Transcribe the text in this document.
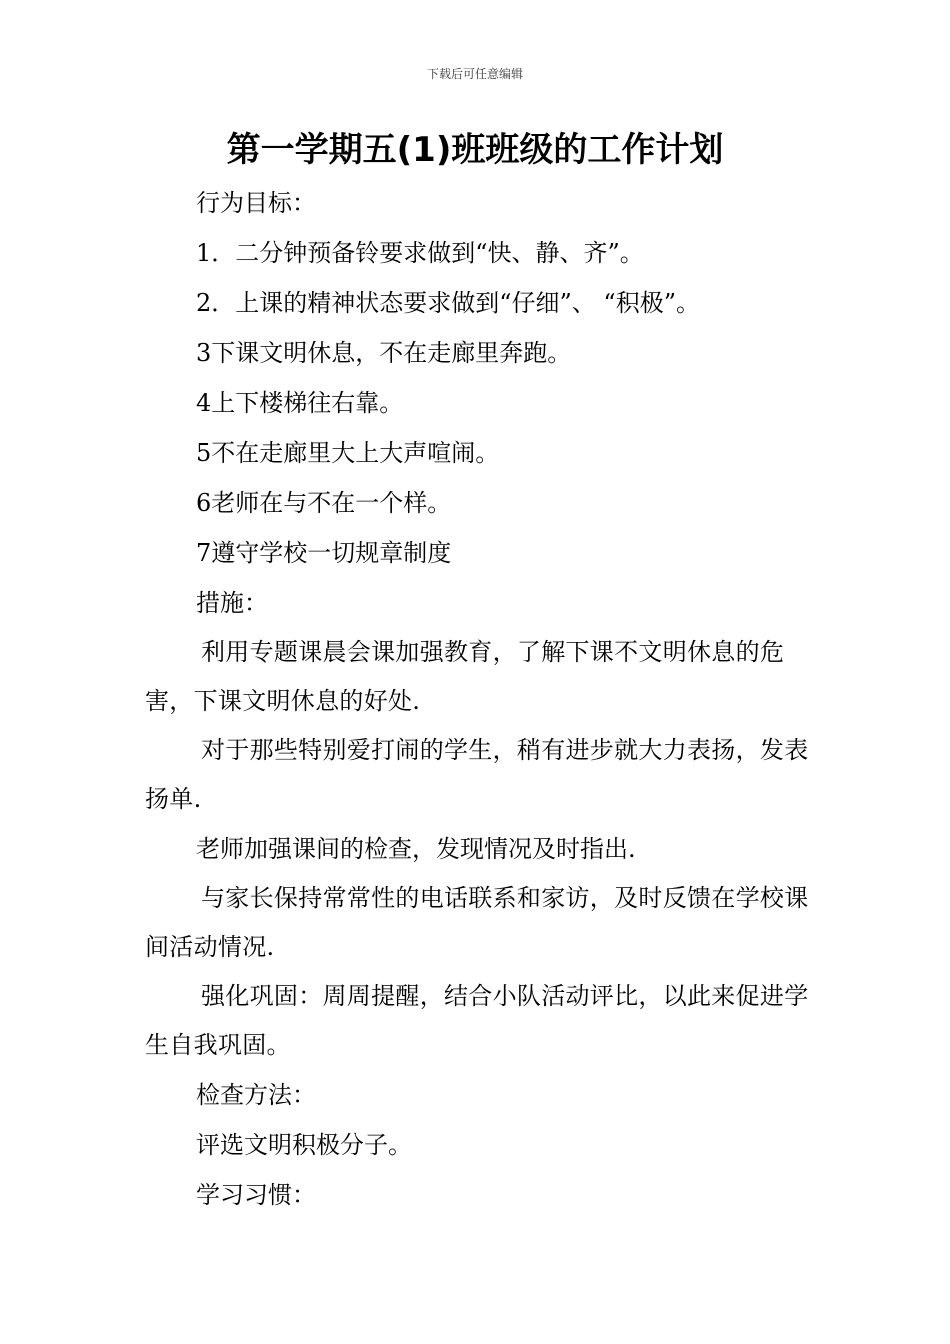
下载后可任意编辑
第一学期五(1)班班级的工作计划

行为目标：

1．二分钟预备铃要求做到“快、静、齐”。

2．上课的精神状态要求做到“仔细”、 “积极”。

3下课文明休息，不在走廊里奔跑。

4上下楼梯往右靠。

5不在走廊里大上大声喧闹。

6老师在与不在一个样。

7遵守学校一切规章制度

措施：

利用专题课晨会课加强教育，了解下课不文明休息的危害，下课文明休息的好处.

对于那些特别爱打闹的学生，稍有进步就大力表扬，发表扬单.

老师加强课间的检查，发现情况及时指出.

与家长保持常常性的电话联系和家访，及时反馈在学校课间活动情况.

强化巩固：周周提醒，结合小队活动评比，以此来促进学生自我巩固。

检查方法：

评选文明积极分子。

学习习惯：
